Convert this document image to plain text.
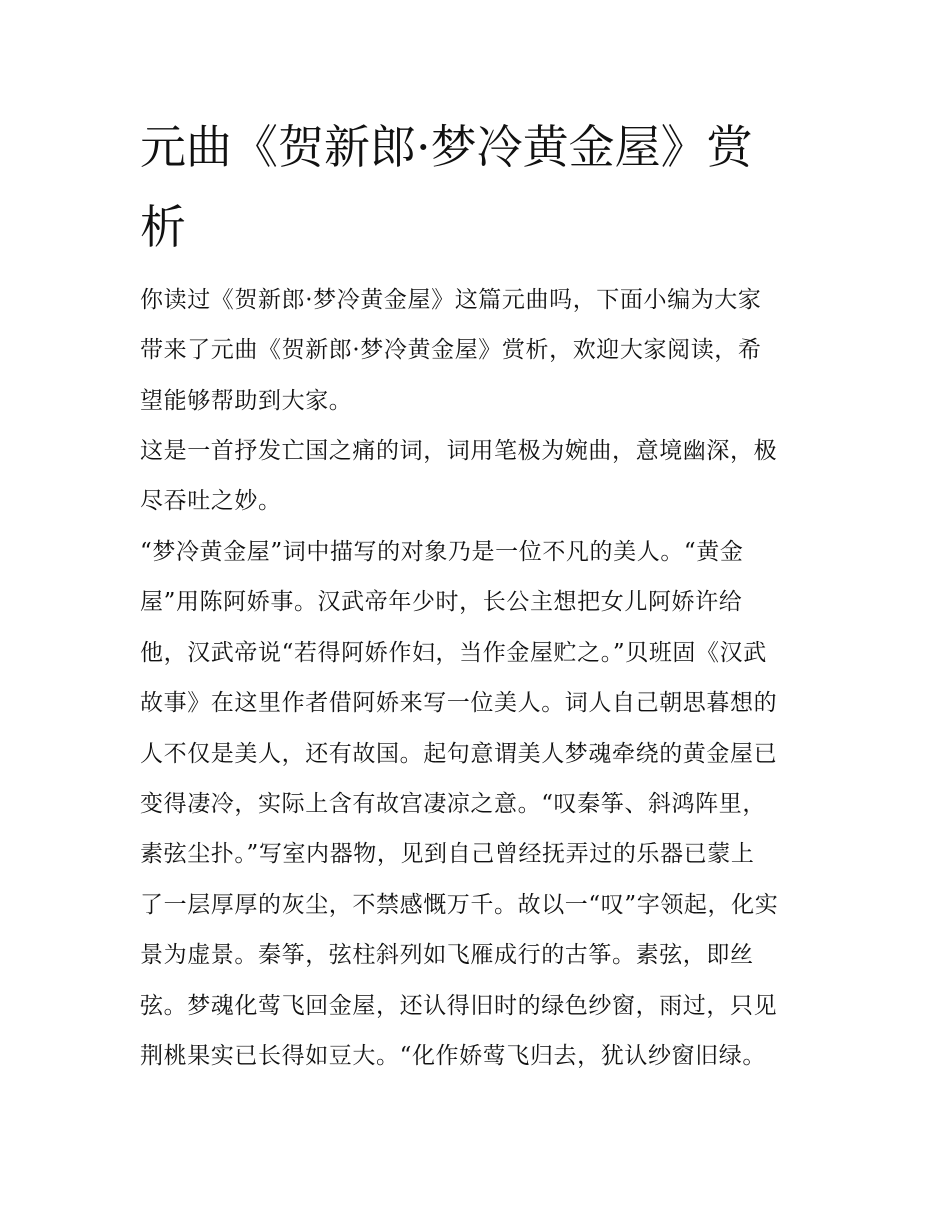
元曲《贺新郎·梦冷黄金屋》赏
析
你读过《贺新郎·梦冷黄金屋》这篇元曲吗，下面小编为大家
带来了元曲《贺新郎·梦冷黄金屋》赏析，欢迎大家阅读，希
望能够帮助到大家。
这是一首抒发亡国之痛的词，词用笔极为婉曲，意境幽深，极
尽吞吐之妙。
“梦冷黄金屋”词中描写的对象乃是一位不凡的美人。“黄金
屋”用陈阿娇事。汉武帝年少时，长公主想把女儿阿娇许给
他，汉武帝说“若得阿娇作妇，当作金屋贮之。”贝班固《汉武
故事》在这里作者借阿娇来写一位美人。词人自己朝思暮想的
人不仅是美人，还有故国。起句意谓美人梦魂牵绕的黄金屋已
变得凄冷，实际上含有故宫凄凉之意。“叹秦筝、斜鸿阵里，
素弦尘扑。”写室内器物，见到自己曾经抚弄过的乐器已蒙上
了一层厚厚的灰尘，不禁感慨万千。故以一“叹”字领起，化实
景为虚景。秦筝，弦柱斜列如飞雁成行的古筝。素弦，即丝
弦。梦魂化莺飞回金屋，还认得旧时的绿色纱窗，雨过，只见
荆桃果实已长得如豆大。“化作娇莺飞归去，犹认纱窗旧绿。
